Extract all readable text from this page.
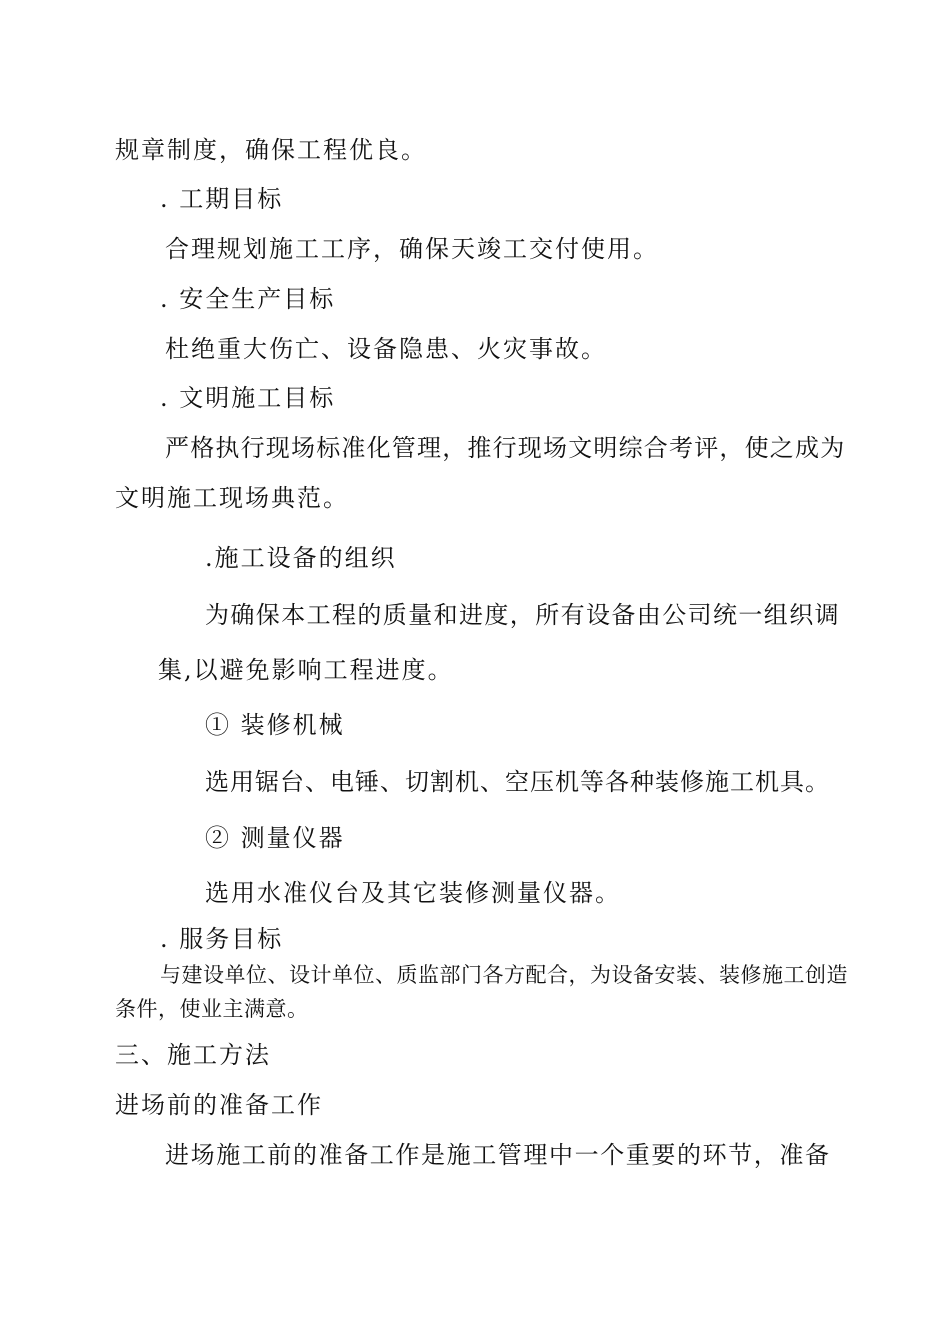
规章制度，确保工程优良。
. 工期目标
合理规划施工工序，确保天竣工交付使用。
. 安全生产目标
杜绝重大伤亡、设备隐患、火灾事故。
. 文明施工目标
严格执行现场标准化管理，推行现场文明综合考评，使之成为
文明施工现场典范。
.施工设备的组织
为确保本工程的质量和进度，所有设备由公司统一组织调
集,以避免影响工程进度。
① 装修机械
选用锯台、电锤、切割机、空压机等各种装修施工机具。
② 测量仪器
选用水准仪台及其它装修测量仪器。
. 服务目标
与建设单位、设计单位、质监部门各方配合，为设备安装、装修施工创造
条件，使业主满意。
三、施工方法
进场前的准备工作
进场施工前的准备工作是施工管理中一个重要的环节，准备
